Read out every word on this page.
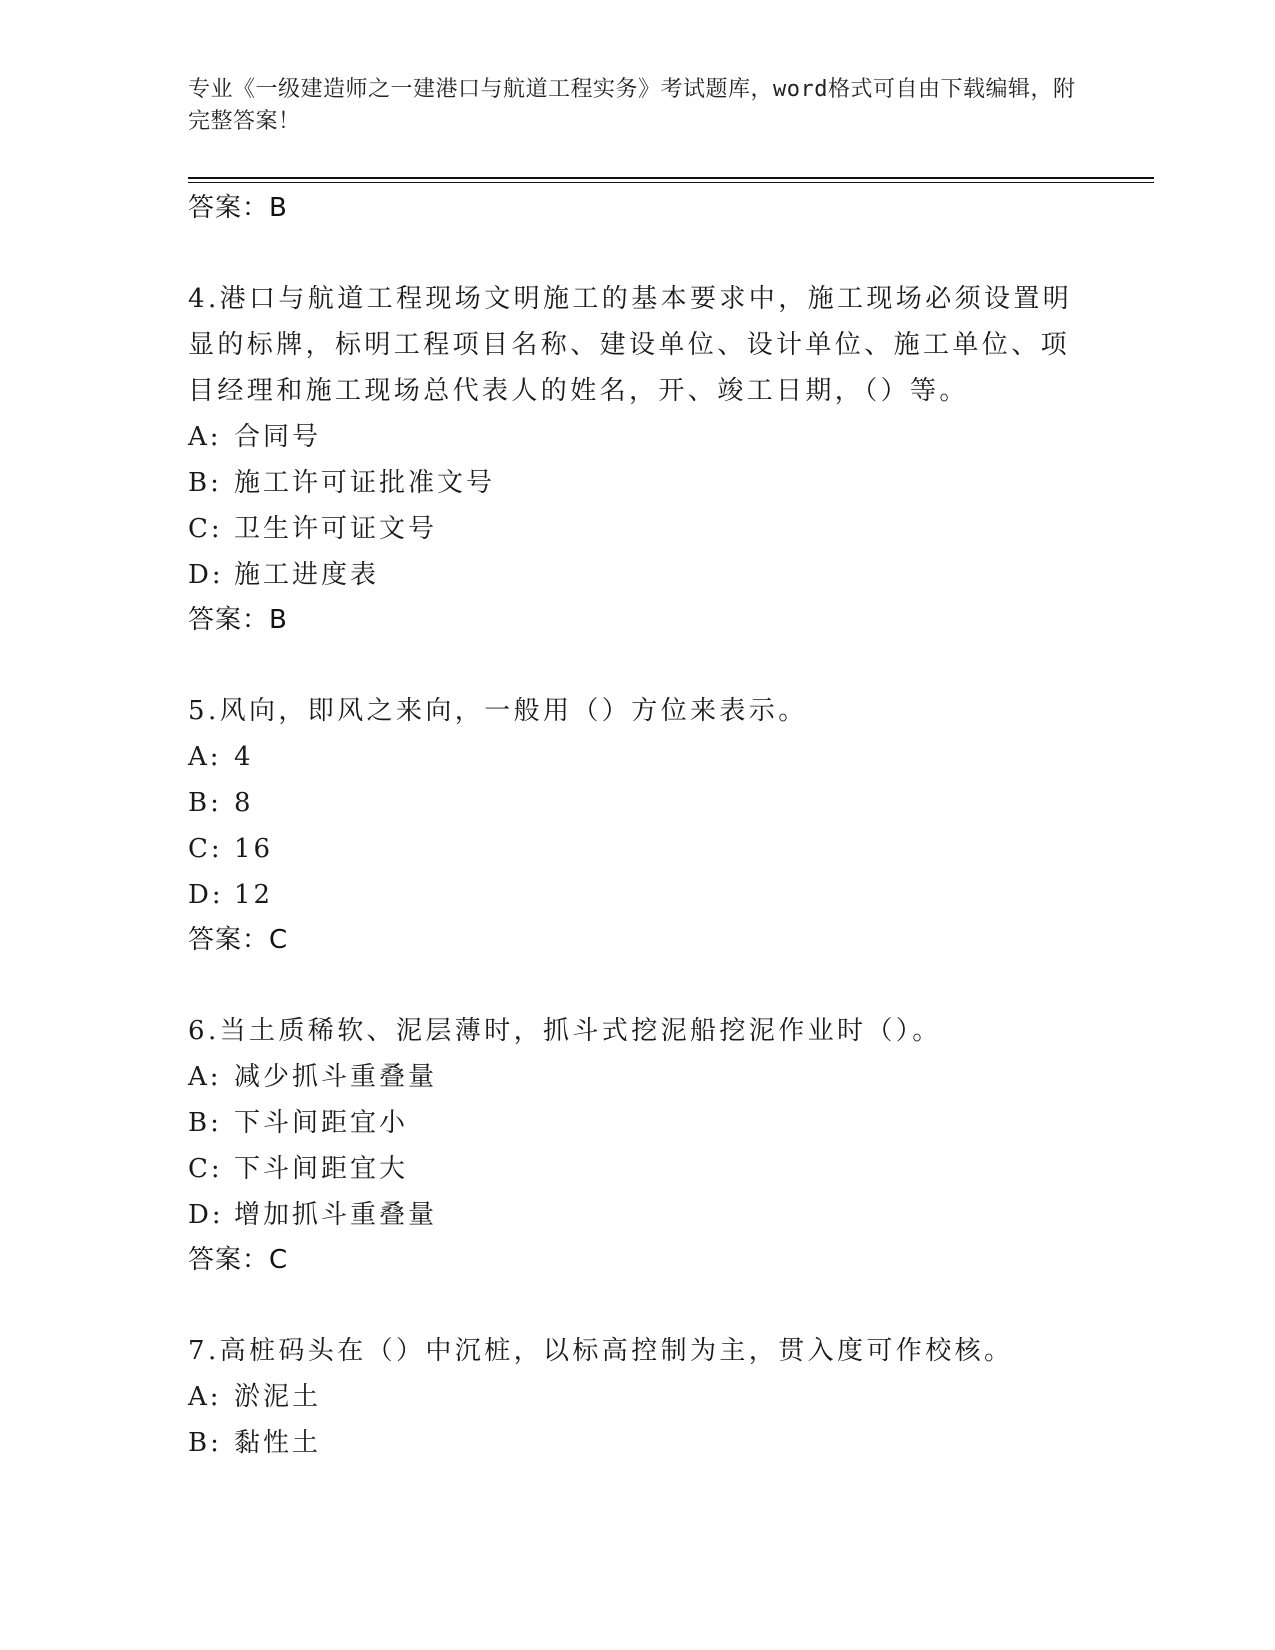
专业《一级建造师之一建港口与航道工程实务》考试题库，word格式可自由下载编辑，附完整答案！
答案：B
4.港口与航道工程现场文明施工的基本要求中，施工现场必须设置明显的标牌，标明工程项目名称、建设单位、设计单位、施工单位、项目经理和施工现场总代表人的姓名，开、竣工日期，（）等。
A: 合同号
B: 施工许可证批准文号
C: 卫生许可证文号
D: 施工进度表
答案：B
5.风向，即风之来向，一般用（）方位来表示。
A: 4
B: 8
C: 16
D: 12
答案：C
6.当土质稀软、泥层薄时，抓斗式挖泥船挖泥作业时（）。
A: 减少抓斗重叠量
B: 下斗间距宜小
C: 下斗间距宜大
D: 增加抓斗重叠量
答案：C
7.高桩码头在（）中沉桩，以标高控制为主，贯入度可作校核。
A: 淤泥土
B: 黏性土
